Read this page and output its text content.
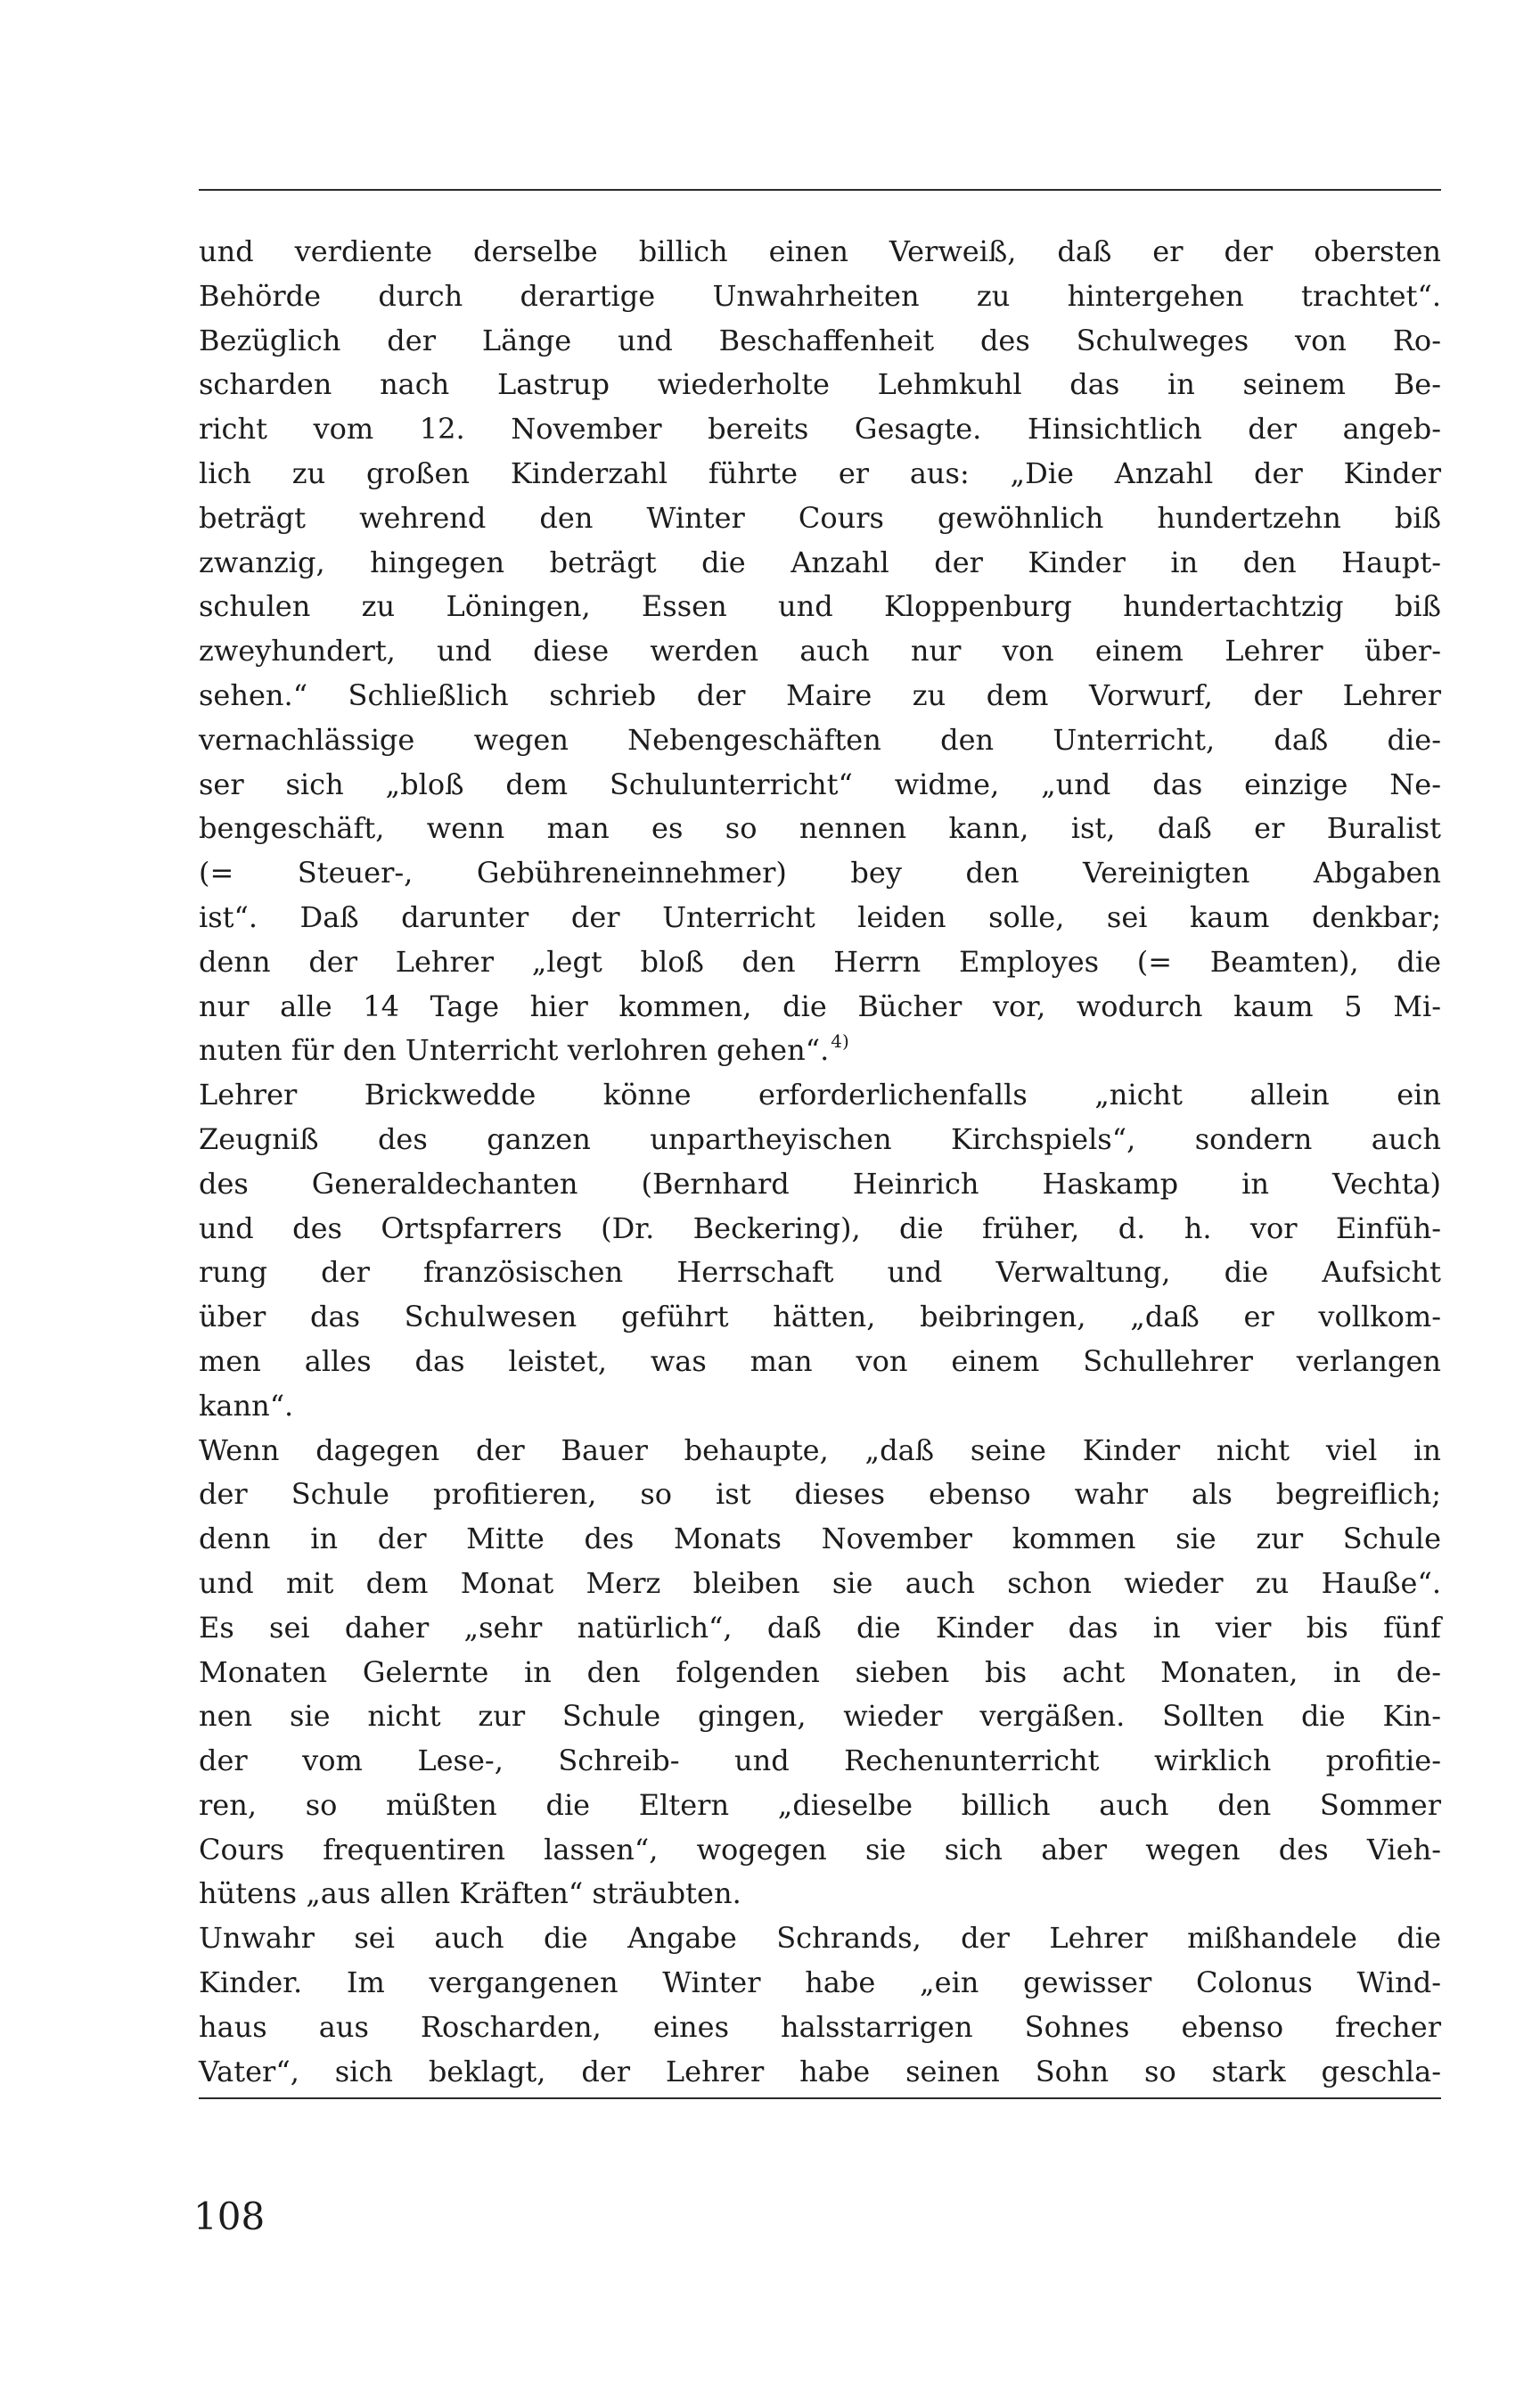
und verdiente derselbe billich einen Verweiß, daß er der obersten
Behörde durch derartige Unwahrheiten zu hintergehen trachtet“.
Bezüglich der Länge und Beschaffenheit des Schulweges von Ro-
scharden nach Lastrup wiederholte Lehmkuhl das in seinem Be-
richt vom 12. November bereits Gesagte. Hinsichtlich der angeb-
lich zu großen Kinderzahl führte er aus: „Die Anzahl der Kinder
beträgt wehrend den Winter Cours gewöhnlich hundertzehn biß
zwanzig, hingegen beträgt die Anzahl der Kinder in den Haupt-
schulen zu Löningen, Essen und Kloppenburg hundertachtzig biß
zweyhundert, und diese werden auch nur von einem Lehrer über-
sehen.“ Schließlich schrieb der Maire zu dem Vorwurf, der Lehrer
vernachlässige wegen Nebengeschäften den Unterricht, daß die-
ser sich „bloß dem Schulunterricht“ widme, „und das einzige Ne-
bengeschäft, wenn man es so nennen kann, ist, daß er Buralist
(= Steuer-, Gebühreneinnehmer) bey den Vereinigten Abgaben
ist“. Daß darunter der Unterricht leiden solle, sei kaum denkbar;
denn der Lehrer „legt bloß den Herrn Employes (= Beamten), die
nur alle 14 Tage hier kommen, die Bücher vor, wodurch kaum 5 Mi-
nuten für den Unterricht verlohren gehen“. $^{4)}$
Lehrer Brickwedde könne erforderlichenfalls „nicht allein ein
Zeugniß des ganzen unpartheyischen Kirchspiels“, sondern auch
des Generaldechanten (Bernhard Heinrich Haskamp in Vechta)
und des Ortspfarrers (Dr. Beckering), die früher, d. h. vor Einfüh-
rung der französischen Herrschaft und Verwaltung, die Aufsicht
über das Schulwesen geführt hätten, beibringen, „daß er vollkom-
men alles das leistet, was man von einem Schullehrer verlangen
kann“.
Wenn dagegen der Bauer behaupte, „daß seine Kinder nicht viel in
der Schule profitieren, so ist dieses ebenso wahr als begreiflich;
denn in der Mitte des Monats November kommen sie zur Schule
und mit dem Monat Merz bleiben sie auch schon wieder zu Hauße“.
Es sei daher „sehr natürlich“, daß die Kinder das in vier bis fünf
Monaten Gelernte in den folgenden sieben bis acht Monaten, in de-
nen sie nicht zur Schule gingen, wieder vergäßen. Sollten die Kin-
der vom Lese-, Schreib- und Rechenunterricht wirklich profitie-
ren, so müßten die Eltern „dieselbe billich auch den Sommer
Cours frequentiren lassen“, wogegen sie sich aber wegen des Vieh-
hütens „aus allen Kräften“ sträubten.
Unwahr sei auch die Angabe Schrands, der Lehrer mißhandele die
Kinder. Im vergangenen Winter habe „ein gewisser Colonus Wind-
haus aus Roscharden, eines halsstarrigen Sohnes ebenso frecher
Vater“, sich beklagt, der Lehrer habe seinen Sohn so stark geschla-
108
